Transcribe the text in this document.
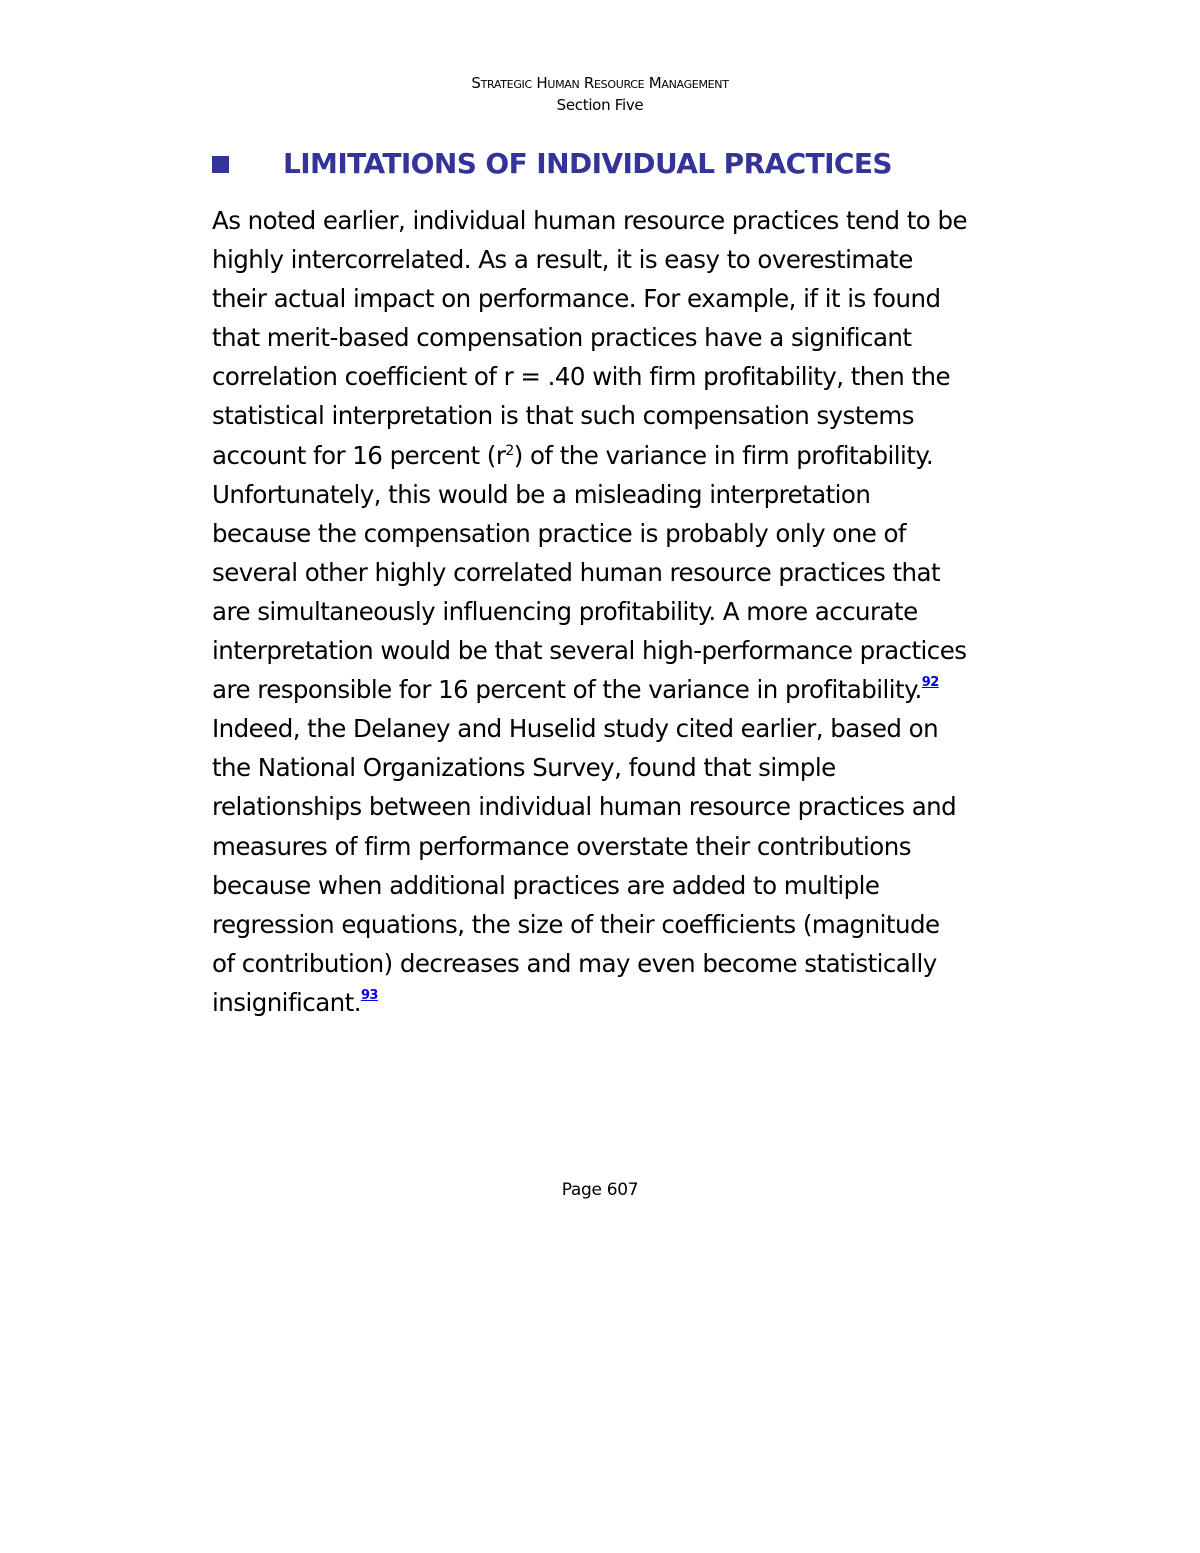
Strategic Human Resource Management
Section Five
LIMITATIONS OF INDIVIDUAL PRACTICES

As noted earlier, individual human resource practices tend to be
highly intercorrelated. As a result, it is easy to overestimate
their actual impact on performance. For example, if it is found
that merit-based compensation practices have a significant
correlation coefficient of r = .40 with firm profitability, then the
statistical interpretation is that such compensation systems
account for 16 percent $(r^2)$ of the variance in firm profitability.
Unfortunately, this would be a misleading interpretation
because the compensation practice is probably only one of
several other highly correlated human resource practices that
are simultaneously influencing profitability. A more accurate
interpretation would be that several high-performance practices
are responsible for 16 percent of the variance in profitability.$^{92}$
Indeed, the Delaney and Huselid study cited earlier, based on
the National Organizations Survey, found that simple
relationships between individual human resource practices and
measures of firm performance overstate their contributions
because when additional practices are added to multiple
regression equations, the size of their coefficients (magnitude
of contribution) decreases and may even become statistically
insignificant.$^{93}$

Page 607
